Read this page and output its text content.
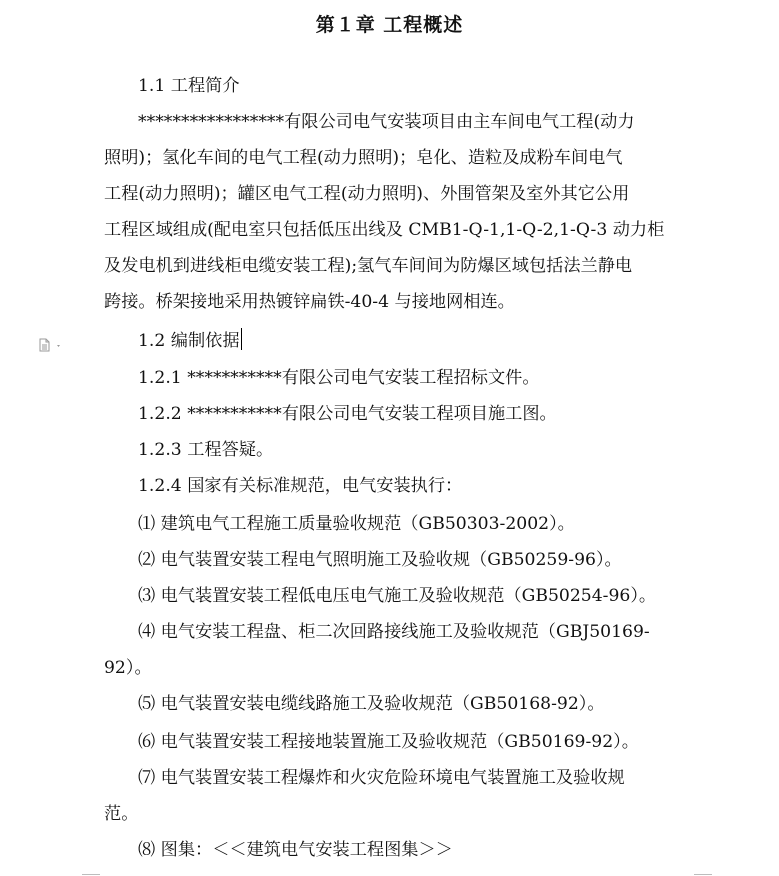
第１章 工程概述
1.1 工程简介
*****************有限公司电气安装项目由主车间电气工程(动力
照明)；氢化车间的电气工程(动力照明)；皂化、造粒及成粉车间电气
工程(动力照明)；罐区电气工程(动力照明)、外围管架及室外其它公用
工程区域组成(配电室只包括低压出线及 CMB1-Q-1,1-Q-2,1-Q-3 动力柜
及发电机到进线柜电缆安装工程);氢气车间间为防爆区域包括法兰静电
跨接。桥架接地采用热镀锌扁铁-40-4 与接地网相连。
1.2 编制依据
1.2.1 ***********有限公司电气安装工程招标文件。
1.2.2 ***********有限公司电气安装工程项目施工图。
1.2.3 工程答疑。
1.2.4 国家有关标准规范，电气安装执行：
⑴ 建筑电气工程施工质量验收规范（GB50303-2002）。
⑵ 电气装置安装工程电气照明施工及验收规（GB50259-96）。
⑶ 电气装置安装工程低电压电气施工及验收规范（GB50254-96）。
⑷ 电气安装工程盘、柜二次回路接线施工及验收规范（GBJ50169-
92）。
⑸ 电气装置安装电缆线路施工及验收规范（GB50168-92）。
⑹ 电气装置安装工程接地装置施工及验收规范（GB50169-92）。
⑺ 电气装置安装工程爆炸和火灾危险环境电气装置施工及验收规
范。
⑻ 图集：＜＜建筑电气安装工程图集＞＞
